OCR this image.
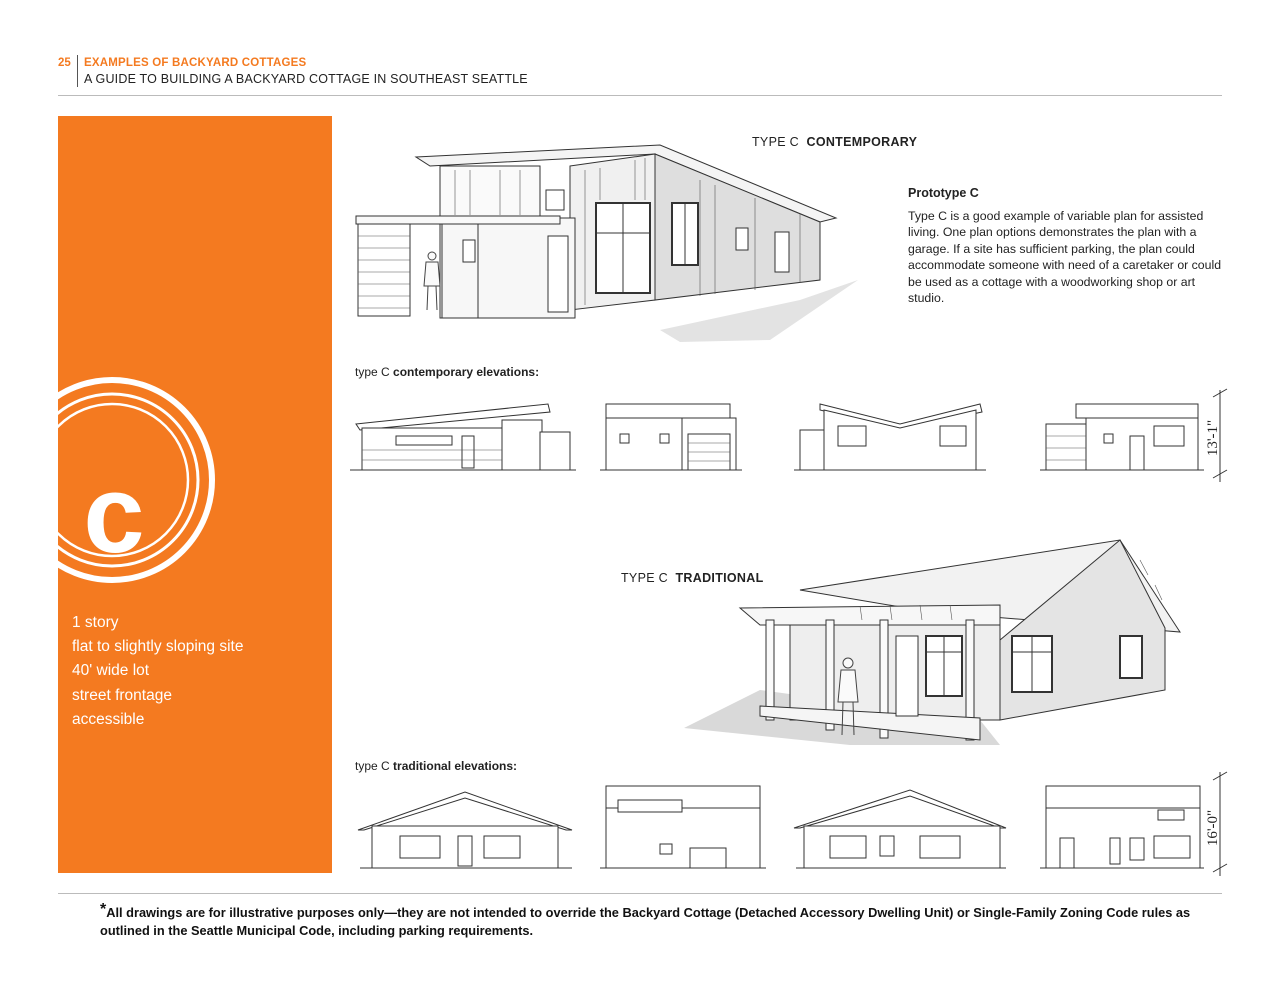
25 EXAMPLES OF BACKYARD COTTAGES
A GUIDE TO BUILDING A BACKYARD COTTAGE IN SOUTHEAST SEATTLE
c
1 story
flat to slightly sloping site
40' wide lot
street frontage
accessible
TYPE C CONTEMPORARY
Prototype C
Type C is a good example of variable plan for assisted living. One plan options demonstrates the plan with a garage. If a site has sufficient parking, the plan could accommodate someone with need of a caretaker or could be used as a cottage with a woodworking shop or art studio.
type C contemporary elevations:
13'-1"
TYPE C TRADITIONAL
type C traditional elevations:
16'-0"
*All drawings are for illustrative purposes only—they are not intended to override the Backyard Cottage (Detached Accessory Dwelling Unit) or Single-Family Zoning Code rules as outlined in the Seattle Municipal Code, including parking requirements.
